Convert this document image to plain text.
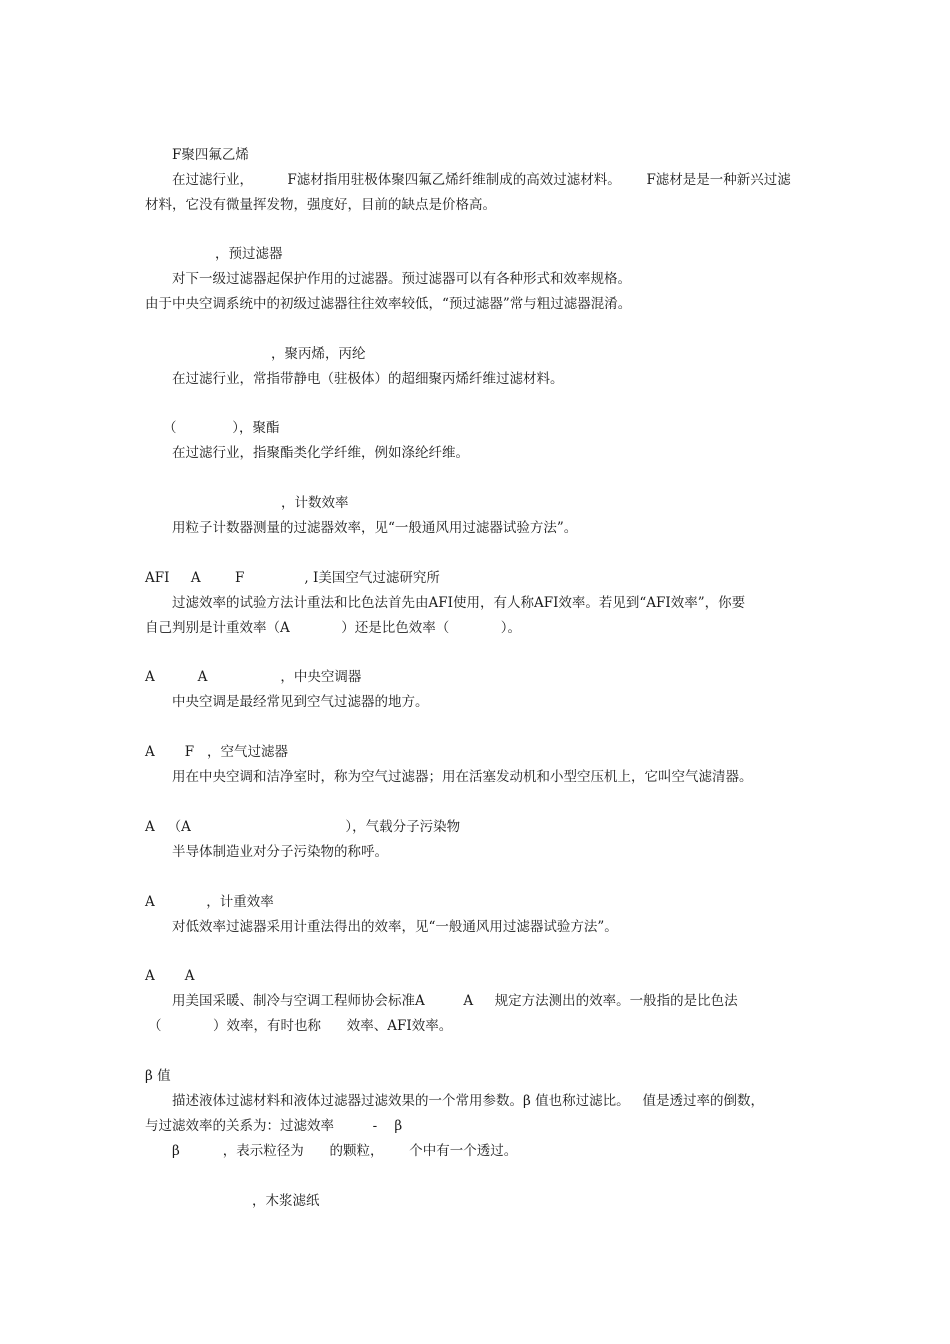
F聚四氟乙烯
在过滤行业，        F滤材指用驻极体聚四氟乙烯纤维制成的高效过滤材料。      F滤材是是一种新兴过滤
材料，它没有微量挥发物，强度好，目前的缺点是价格高。
，预过滤器
对下一级过滤器起保护作用的过滤器。预过滤器可以有各种形式和效率规格。
由于中央空调系统中的初级过滤器往往效率较低，“预过滤器”常与粗过滤器混淆。
，聚丙烯，丙纶
在过滤行业，常指带静电（驻极体）的超细聚丙烯纤维过滤材料。
（             ），聚酯
在过滤行业，指聚酯类化学纤维，例如涤纶纤维。
，计数效率
用粒子计数器测量的过滤器效率，见“一般通风用过滤器试验方法”。
AFI     A        F              , I美国空气过滤研究所
过滤效率的试验方法计重法和比色法首先由AFI使用，有人称AFI效率。若见到“AFI效率”，你要
自己判别是计重效率（A            ）还是比色效率（            ）。
A          A                 ，中央空调器
中央空调是最经常见到空气过滤器的地方。
A       F   ，空气过滤器
用在中央空调和洁净室时，称为空气过滤器；用在活塞发动机和小型空压机上，它叫空气滤清器。
A   （A                                    ），气载分子污染物
半导体制造业对分子污染物的称呼。
A            ，计重效率
对低效率过滤器采用计重法得出的效率，见“一般通风用过滤器试验方法”。
A       A
用美国采暖、制冷与空调工程师协会标准A         A     规定方法测出的效率。一般指的是比色法
（            ）效率，有时也称      效率、AFI效率。
β 值
描述液体过滤材料和液体过滤器过滤效果的一个常用参数。β 值也称过滤比。   值是透过率的倒数，
与过滤效率的关系为：过滤效率         -    β
β          ，表示粒径为      的颗粒，      个中有一个透过。
，木浆滤纸
